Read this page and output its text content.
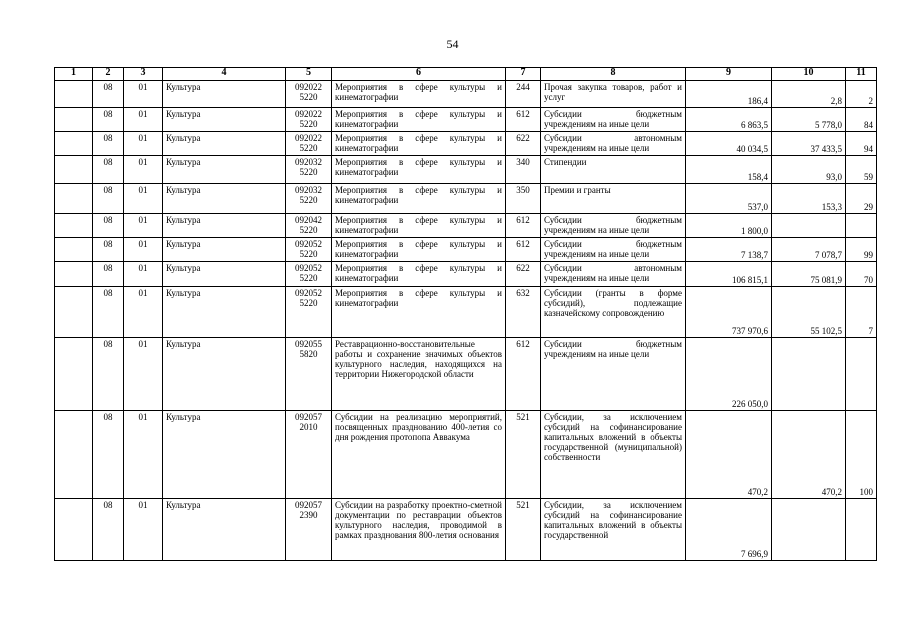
54
1	2	3	4	5	6	7	8	9	10	11
	08	01	Культура	092022 5220	Мероприятия в сфере культуры и кинематографии	244	Прочая закупка товаров, работ и услуг	186,4	2,8	2
	08	01	Культура	092022 5220	Мероприятия в сфере культуры и кинематографии	612	Субсидии бюджетным учреждениям на иные цели	6 863,5	5 778,0	84
	08	01	Культура	092022 5220	Мероприятия в сфере культуры и кинематографии	622	Субсидии автономным учреждениям на иные цели	40 034,5	37 433,5	94
	08	01	Культура	092032 5220	Мероприятия в сфере культуры и кинематографии	340	Стипендии	158,4	93,0	59
	08	01	Культура	092032 5220	Мероприятия в сфере культуры и кинематографии	350	Премии и гранты	537,0	153,3	29
	08	01	Культура	092042 5220	Мероприятия в сфере культуры и кинематографии	612	Субсидии бюджетным учреждениям на иные цели	1 800,0		
	08	01	Культура	092052 5220	Мероприятия в сфере культуры и кинематографии	612	Субсидии бюджетным учреждениям на иные цели	7 138,7	7 078,7	99
	08	01	Культура	092052 5220	Мероприятия в сфере культуры и кинематографии	622	Субсидии автономным учреждениям на иные цели	106 815,1	75 081,9	70
	08	01	Культура	092052 5220	Мероприятия в сфере культуры и кинематографии	632	Субсидии (гранты в форме субсидий), подлежащие казначейскому сопровождению	737 970,6	55 102,5	7
	08	01	Культура	092055 5820	Реставрационно-восстановительные работы и сохранение значимых объектов культурного наследия, находящихся на территории Нижегородской области	612	Субсидии бюджетным учреждениям на иные цели	226 050,0		
	08	01	Культура	092057 2010	Субсидии на реализацию мероприятий, посвященных празднованию 400-летия со дня рождения протопопа Аввакума	521	Субсидии, за исключением субсидий на софинансирование капитальных вложений в объекты государственной (муниципальной) собственности	470,2	470,2	100
	08	01	Культура	092057 2390	Субсидии на разработку проектно-сметной документации по реставрации объектов культурного наследия, проводимой в рамках празднования 800-летия основания	521	Субсидии, за исключением субсидий на софинансирование капитальных вложений в объекты государственной	7 696,9		
